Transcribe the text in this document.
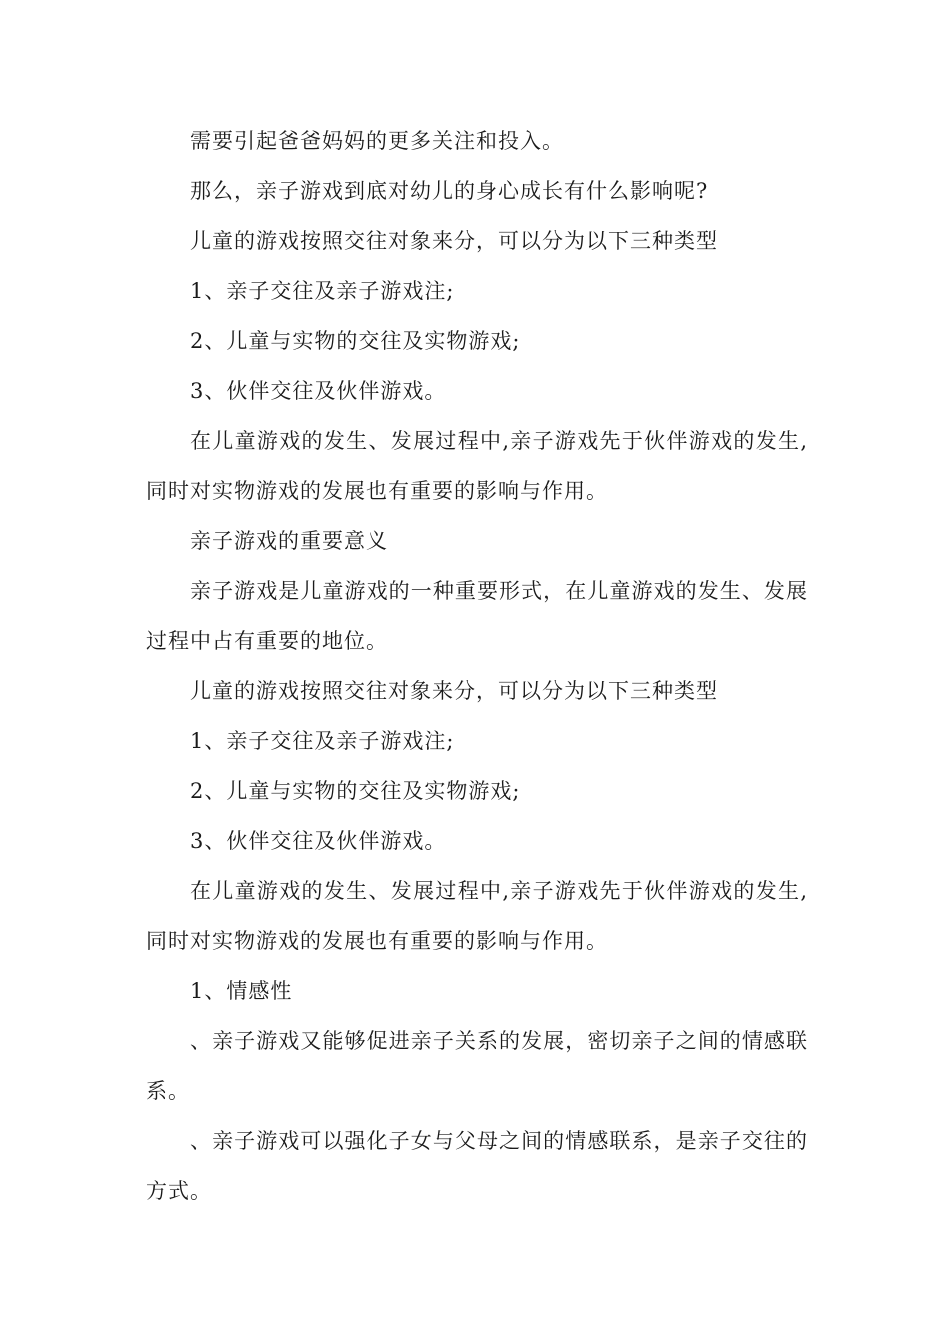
需要引起爸爸妈妈的更多关注和投入。

那么，亲子游戏到底对幼儿的身心成长有什么影响呢?

儿童的游戏按照交往对象来分，可以分为以下三种类型

1、亲子交往及亲子游戏注;

2、儿童与实物的交往及实物游戏;

3、伙伴交往及伙伴游戏。

在儿童游戏的发生、发展过程中,亲子游戏先于伙伴游戏的发生,同时对实物游戏的发展也有重要的影响与作用。

亲子游戏的重要意义

亲子游戏是儿童游戏的一种重要形式，在儿童游戏的发生、发展过程中占有重要的地位。

儿童的游戏按照交往对象来分，可以分为以下三种类型

1、亲子交往及亲子游戏注;

2、儿童与实物的交往及实物游戏;

3、伙伴交往及伙伴游戏。

在儿童游戏的发生、发展过程中,亲子游戏先于伙伴游戏的发生,同时对实物游戏的发展也有重要的影响与作用。

1、情感性

、亲子游戏又能够促进亲子关系的发展，密切亲子之间的情感联系。

、亲子游戏可以强化子女与父母之间的情感联系，是亲子交往的方式。
